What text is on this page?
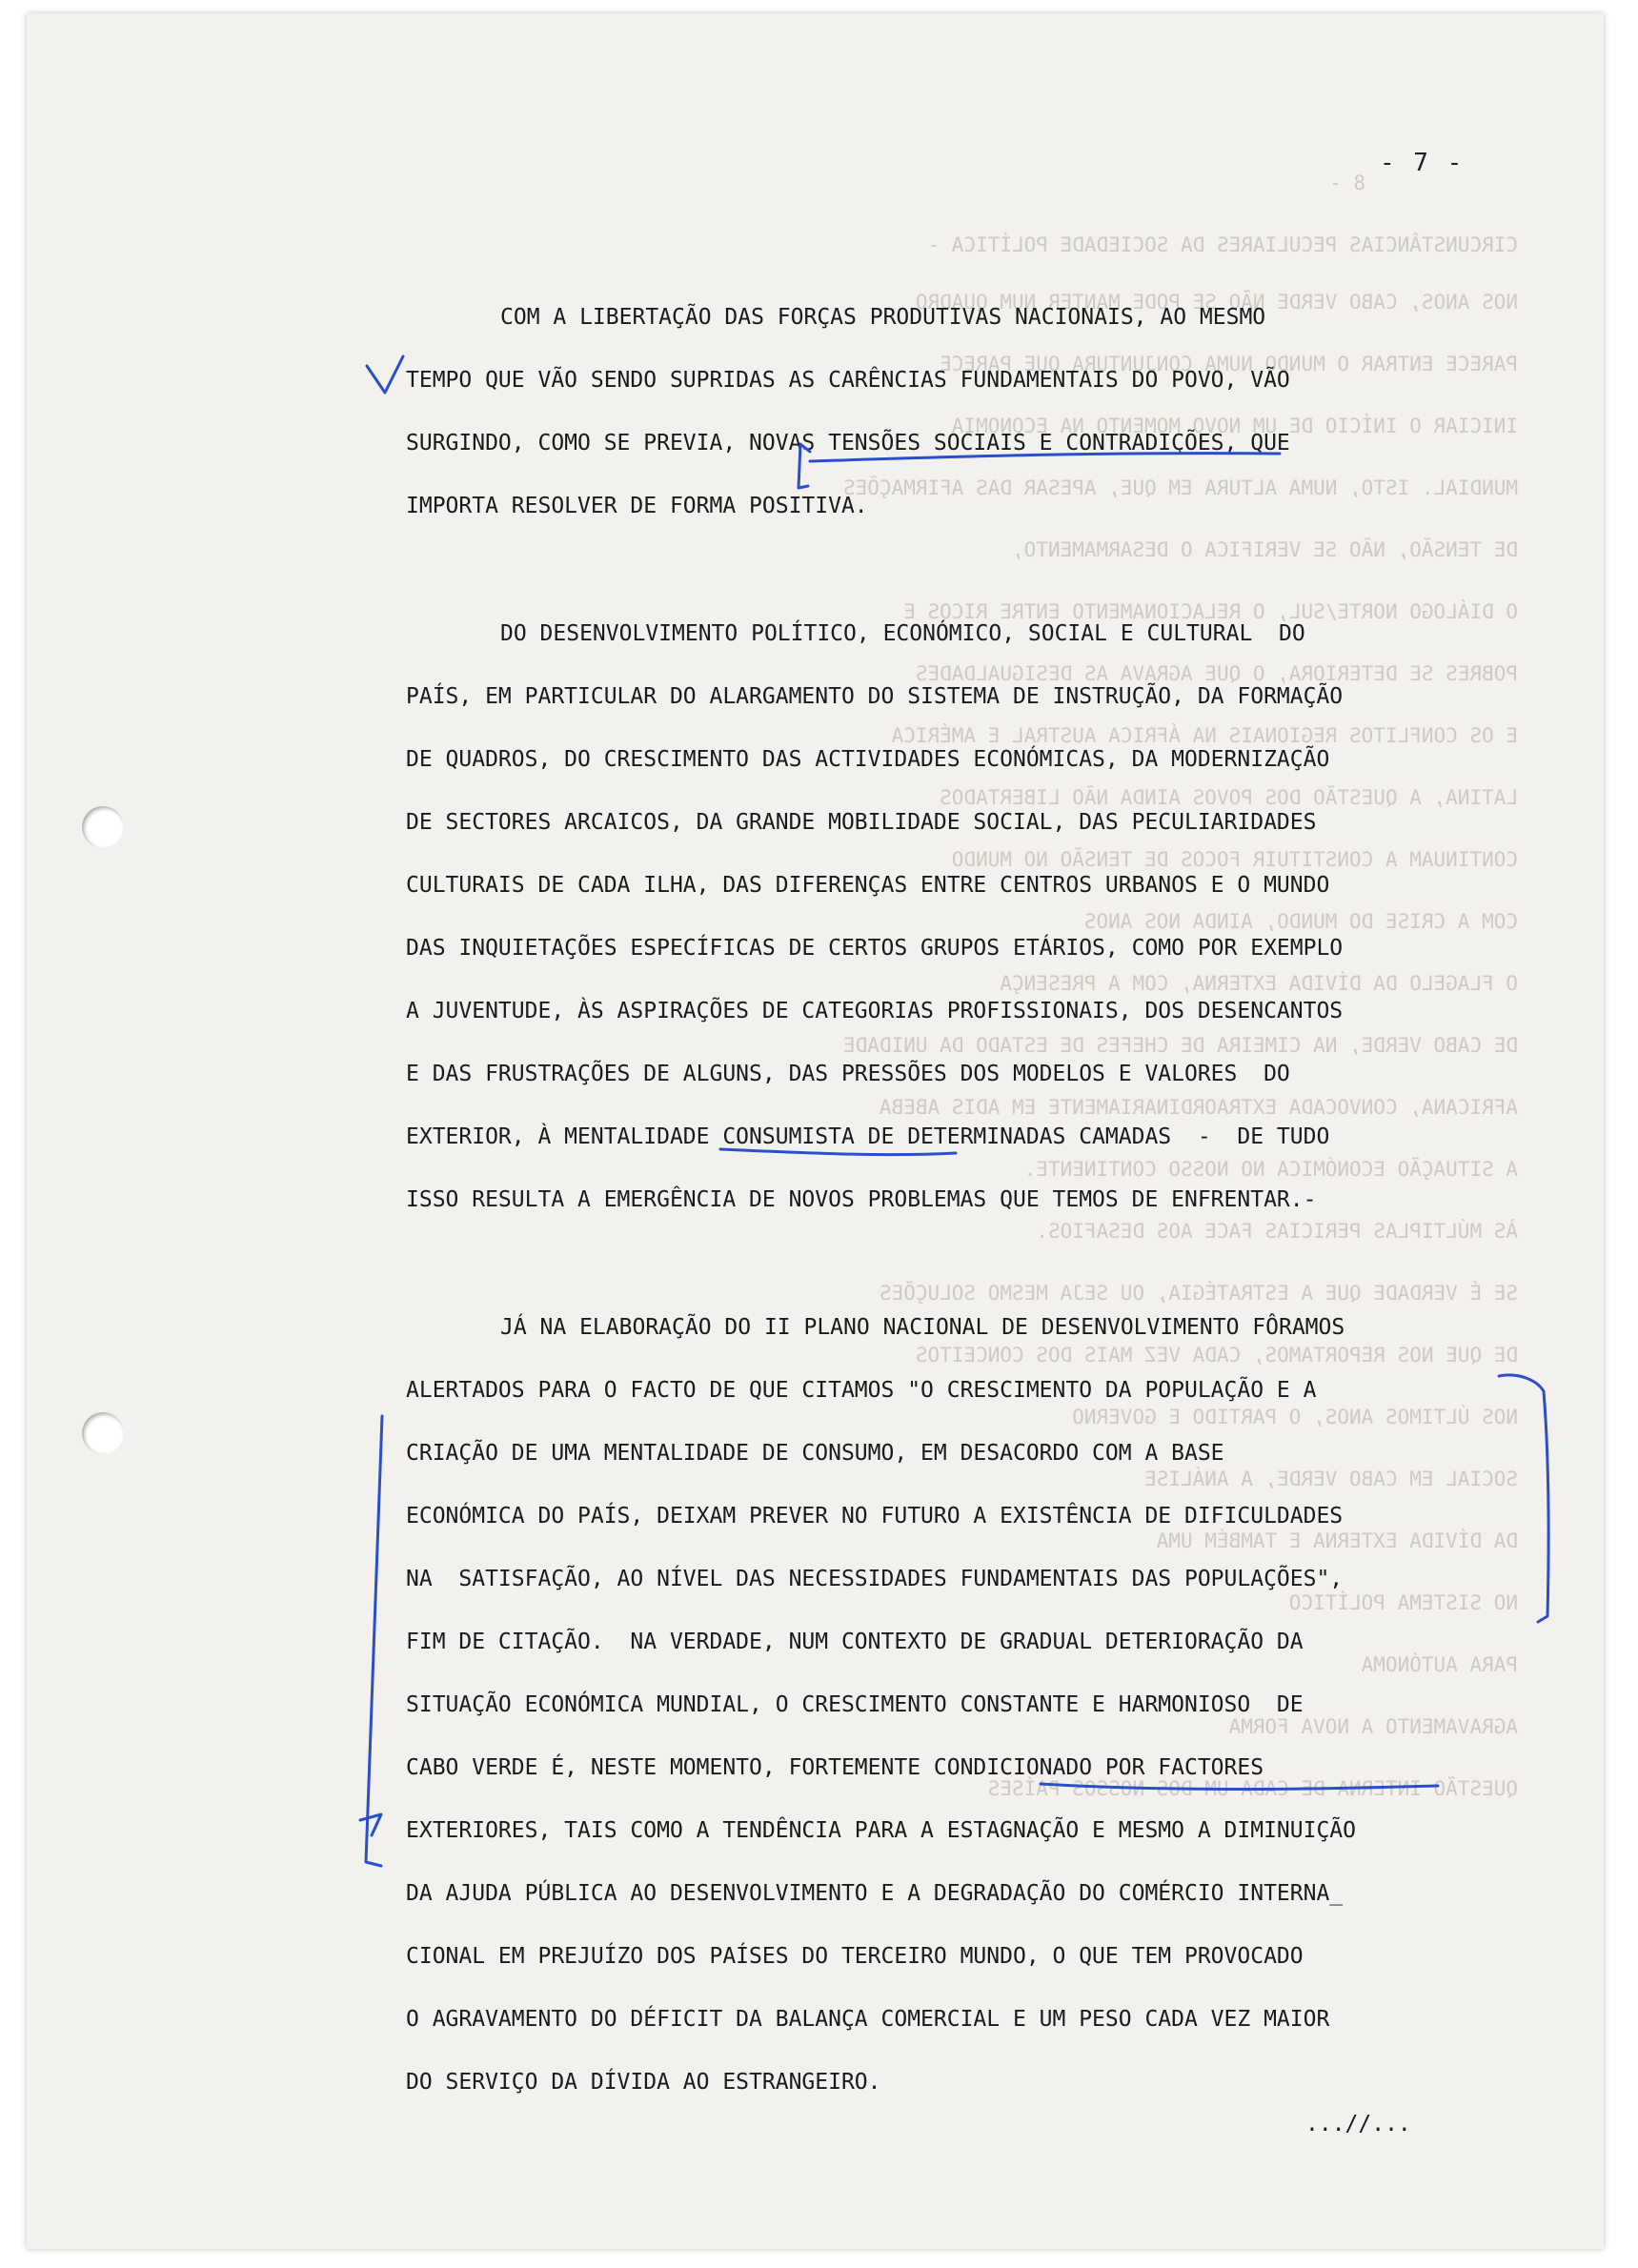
8 -
CIRCUNSTÂNCIAS PECULIARES DA SOCIEDADE POLÍTICA -
NOS ANOS, CABO VERDE NÃO SE PODE MANTER NUM QUADRO
PARECE ENTRAR O MUNDO NUMA CONJUNTURA QUE PARECE
INICIAR O INÍCIO DE UM NOVO MOMENTO NA ECONOMIA
MUNDIAL. ISTO, NUMA ALTURA EM QUE, APESAR DAS AFIRMAÇÕES
DE TENSÃO, NÃO SE VERIFICA O DESARMAMENTO,
O DIÁLOGO NORTE/SUL, O RELACIONAMENTO ENTRE RICOS E
POBRES SE DETERIORA, O QUE AGRAVA AS DESIGUALDADES
E OS CONFLITOS REGIONAIS NA ÁFRICA AUSTRAL E AMÉRICA
LATINA, A QUESTÃO DOS POVOS AINDA NÃO LIBERTADOS
CONTINUAM A CONSTITUIR FOCOS DE TENSÃO NO MUNDO
COM A CRISE DO MUNDO, AINDA NOS ANOS
O FLAGELO DA DÍVIDA EXTERNA, COM A PRESENÇA
DE CABO VERDE, NA CIMEIRA DE CHEFES DE ESTADO DA UNIDADE
AFRICANA, CONVOCADA EXTRAORDINARIAMENTE EM ADIS ABEBA
A SITUAÇÃO ECONÓMICA NO NOSSO CONTINENTE.
ÀS MÚLTIPLAS PERICIAS FACE AOS DESAFIOS.
SE É VERDADE QUE A ESTRATÉGIA, OU SEJA MESMO SOLUÇÕES
DE QUE NOS REPORTAMOS, CADA VEZ MAIS DOS CONCEITOS
NOS ÚLTIMOS ANOS, O PARTIDO E GOVERNO
SOCIAL EM CABO VERDE, A ANÁLISE
DA DÍVIDA EXTERNA E TAMBÉM UMA
NO SISTEMA POLÍTICO
PARA AUTÓNOMA
AGRAVAMENTO A NOVA FORMA
QUESTÃO INTERNA DE CADA UM DOS NOSSOS PAÍSES
- 7 -
COM A LIBERTAÇÃO DAS FORÇAS PRODUTIVAS NACIONAIS, AO MESMO
TEMPO QUE VÃO SENDO SUPRIDAS AS CARÊNCIAS FUNDAMENTAIS DO POVO, VÃO
SURGINDO, COMO SE PREVIA, NOVAS TENSÕES SOCIAIS E CONTRADIÇÕES, QUE
IMPORTA RESOLVER DE FORMA POSITIVA.
DO DESENVOLVIMENTO POLÍTICO, ECONÓMICO, SOCIAL E CULTURAL  DO
PAÍS, EM PARTICULAR DO ALARGAMENTO DO SISTEMA DE INSTRUÇÃO, DA FORMAÇÃO
DE QUADROS, DO CRESCIMENTO DAS ACTIVIDADES ECONÓMICAS, DA MODERNIZAÇÃO
DE SECTORES ARCAICOS, DA GRANDE MOBILIDADE SOCIAL, DAS PECULIARIDADES
CULTURAIS DE CADA ILHA, DAS DIFERENÇAS ENTRE CENTROS URBANOS E O MUNDO
DAS INQUIETAÇÕES ESPECÍFICAS DE CERTOS GRUPOS ETÁRIOS, COMO POR EXEMPLO
A JUVENTUDE, ÀS ASPIRAÇÕES DE CATEGORIAS PROFISSIONAIS, DOS DESENCANTOS
E DAS FRUSTRAÇÕES DE ALGUNS, DAS PRESSÕES DOS MODELOS E VALORES  DO
EXTERIOR, À MENTALIDADE CONSUMISTA DE DETERMINADAS CAMADAS  -  DE TUDO
ISSO RESULTA A EMERGÊNCIA DE NOVOS PROBLEMAS QUE TEMOS DE ENFRENTAR.-
JÁ NA ELABORAÇÃO DO II PLANO NACIONAL DE DESENVOLVIMENTO FÔRAMOS
ALERTADOS PARA O FACTO DE QUE CITAMOS "O CRESCIMENTO DA POPULAÇÃO E A
CRIAÇÃO DE UMA MENTALIDADE DE CONSUMO, EM DESACORDO COM A BASE
ECONÓMICA DO PAÍS, DEIXAM PREVER NO FUTURO A EXISTÊNCIA DE DIFICULDADES
NA  SATISFAÇÃO, AO NÍVEL DAS NECESSIDADES FUNDAMENTAIS DAS POPULAÇÕES",
FIM DE CITAÇÃO.  NA VERDADE, NUM CONTEXTO DE GRADUAL DETERIORAÇÃO DA
SITUAÇÃO ECONÓMICA MUNDIAL, O CRESCIMENTO CONSTANTE E HARMONIOSO  DE
CABO VERDE É, NESTE MOMENTO, FORTEMENTE CONDICIONADO POR FACTORES
EXTERIORES, TAIS COMO A TENDÊNCIA PARA A ESTAGNAÇÃO E MESMO A DIMINUIÇÃO
DA AJUDA PÚBLICA AO DESENVOLVIMENTO E A DEGRADAÇÃO DO COMÉRCIO INTERNA_
CIONAL EM PREJUÍZO DOS PAÍSES DO TERCEIRO MUNDO, O QUE TEM PROVOCADO
O AGRAVAMENTO DO DÉFICIT DA BALANÇA COMERCIAL E UM PESO CADA VEZ MAIOR
DO SERVIÇO DA DÍVIDA AO ESTRANGEIRO.
...//...
